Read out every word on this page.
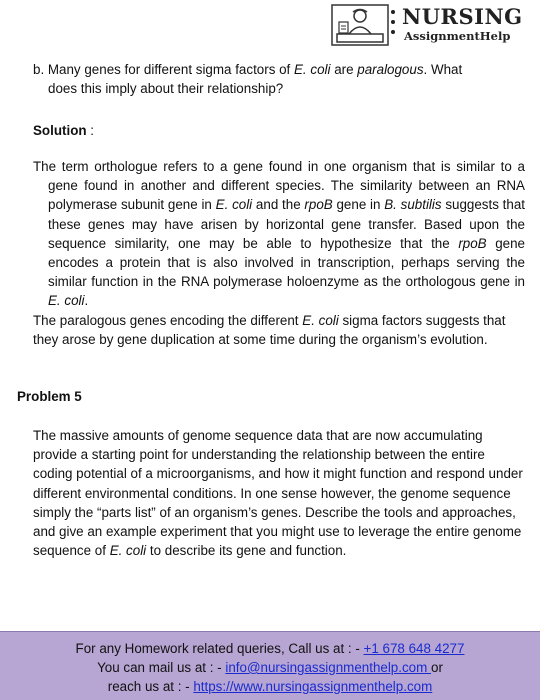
NURSING
AssignmentHelp
b. Many genes for different sigma factors of E. coli are paralogous. What
does this imply about their relationship?
Solution :
The term orthologue refers to a gene found in one organism that is similar to a gene found in another and different species. The similarity between an RNA polymerase subunit gene in E. coli and the rpoB gene in B. subtilis suggests that these genes may have arisen by horizontal gene transfer. Based upon the sequence similarity, one may be able to hypothesize that the rpoB gene encodes a protein that is also involved in transcription, perhaps serving the similar function in the RNA polymerase holoenzyme as the orthologous gene in E. coli.
The paralogous genes encoding the different E. coli sigma factors suggests that they arose by gene duplication at some time during the organism’s evolution.
Problem 5
The massive amounts of genome sequence data that are now accumulating provide a starting point for understanding the relationship between the entire coding potential of a microorganisms, and how it might function and respond under different environmental conditions. In one sense however, the genome sequence simply the “parts list” of an organism’s genes. Describe the tools and approaches, and give an example experiment that you might use to leverage the entire genome sequence of E. coli to describe its gene and function.
For any Homework related queries, Call us at : - +1 678 648 4277
You can mail us at : - info@nursingassignmenthelp.com or
reach us at : - https://www.nursingassignmenthelp.com
